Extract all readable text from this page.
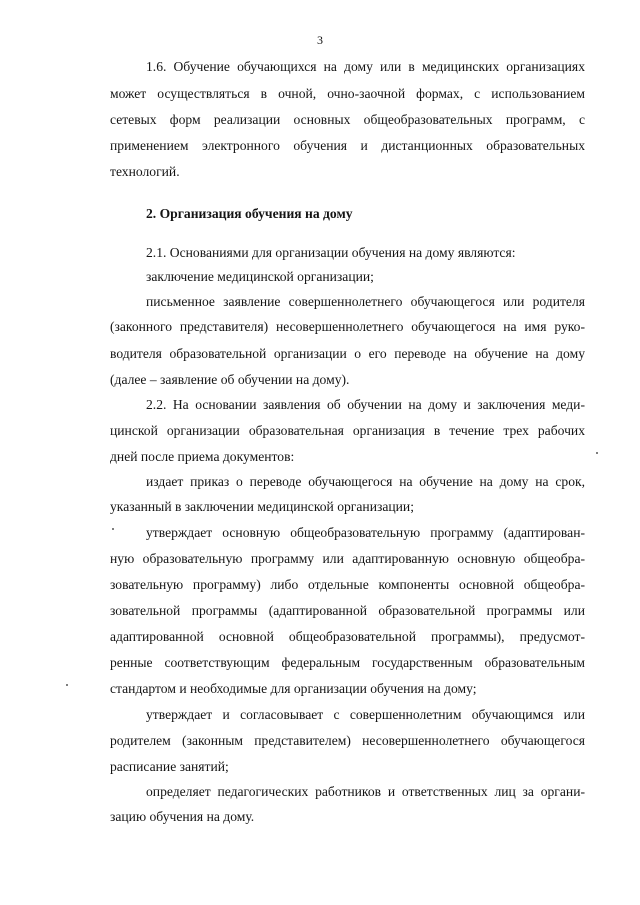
3
1.6. Обучение обучающихся на дому или в медицинских организациях
может осуществляться в очной, очно-заочной формах, с использованием
сетевых форм реализации основных общеобразовательных программ, с
применением электронного обучения и дистанционных образовательных
технологий.
2. Организация обучения на дому
2.1. Основаниями для организации обучения на дому являются:
заключение медицинской организации;
письменное заявление совершеннолетнего обучающегося или родителя
(законного представителя) несовершеннолетнего обучающегося на имя руко-
водителя образовательной организации о его переводе на обучение на дому
(далее – заявление об обучении на дому).
2.2. На основании заявления об обучении на дому и заключения меди-
цинской организации образовательная организация в течение трех рабочих
дней после приема документов:
издает приказ о переводе обучающегося на обучение на дому на срок,
указанный в заключении медицинской организации;
утверждает основную общеобразовательную программу (адаптирован-
ную образовательную программу или адаптированную основную общеобра-
зовательную программу) либо отдельные компоненты основной общеобра-
зовательной программы (адаптированной образовательной программы или
адаптированной основной общеобразовательной программы), предусмот-
ренные соответствующим федеральным государственным образовательным
стандартом и необходимые для организации обучения на дому;
утверждает и согласовывает с совершеннолетним обучающимся или
родителем (законным представителем) несовершеннолетнего обучающегося
расписание занятий;
определяет педагогических работников и ответственных лиц за органи-
зацию обучения на дому.
